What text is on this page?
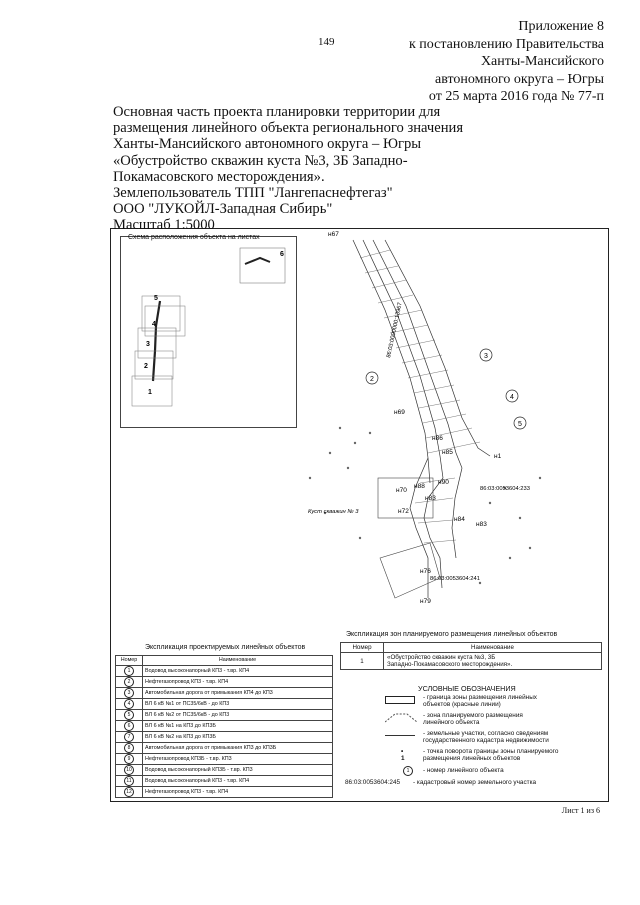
Приложение 8
к постановлению Правительства
Ханты-Мансийского
автономного округа – Югры
от 25 марта 2016 года № 77-п
149
Основная часть проекта планировки территории для
размещения линейного объекта регионального значения
Ханты-Мансийского автономного округа – Югры
«Обустройство скважин куста №3, 3Б Западно-
Покамасовского месторождения».
Землепользователь ТПП "Лангепаснефтегаз"
ООО "ЛУКОЙЛ-Западная Сибирь"
Масштаб 1:5000
2
3
4
5
н67
н69
н86
н85
н1
н90
н88
н70
н83
н72
н84
н83
н76
н79
86:03:0053604:233
86:03:0053604:241
Куст скважин № 3
86:03:0000000:13967
Схема расположения объекта на листах
6
5
4
3
2
1
Экспликация проектируемых линейных объектов
Номер	Наименование
1	Водовод высоконапорный КП3 - т.вр. КП4
2	Нефтегазопровод КП3 - т.вр. КП4
3	Автомобильная дорога от примыкания КП4 до КП3
4	ВЛ 6 кВ №1 от ПС35/6кВ - до КП3
5	ВЛ 6 кВ №2 от ПС35/6кВ - до КП3
6	ВЛ 6 кВ №1 на КП3 до КП3Б
7	ВЛ 6 кВ №2 на КП3 до КП3Б
8	Автомобильная дорога от примыкания КП3 до КП3Б
9	Нефтегазопровод КП3Б - т.вр. КП3
10	Водовод высоконапорный КП3Б - т.вр. КП3
11	Водовод высоконапорный КП3 - т.вр. КП4
12	Нефтегазопровод КП3 - т.вр. КП4
Экспликация зон планируемого размещения линейных объектов
Номер	Наименование
1	«Обустройство скважин куста №3, 3Б
Западно-Покамасовского месторождения».
УСЛОВНЫЕ ОБОЗНАЧЕНИЯ
- граница зоны размещения линейных
объектов (красные линии)
- зона планируемого размещения
линейного объекта
- земельные участки, согласно сведениям
государственного кадастра недвижимости
• 1
- точка поворота границы зоны планируемого
размещения линейных объектов
1	- номер линейного объекта
86:03:0053604:245 - кадастровый номер земельного участка
Лист 1 из 6
